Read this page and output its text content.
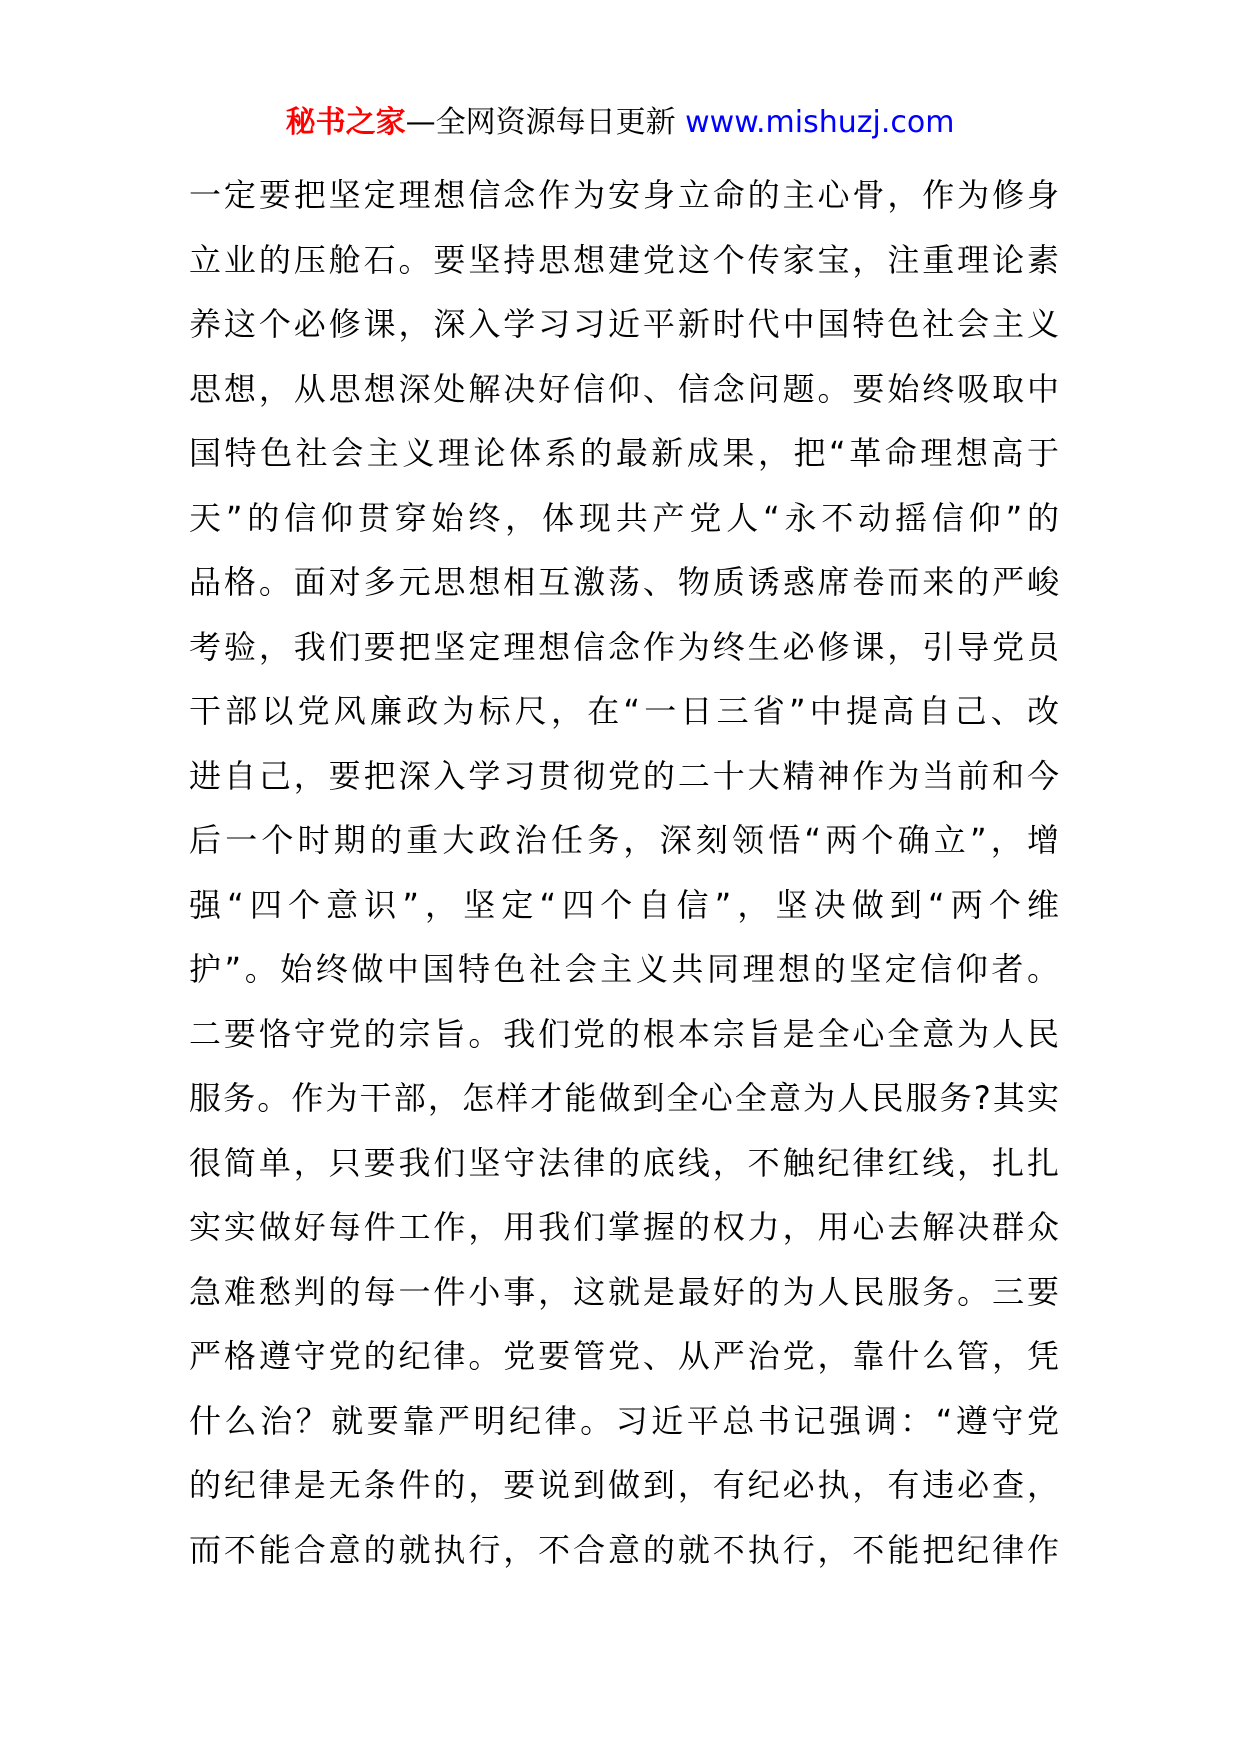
秘书之家—全网资源每日更新 www.mishuzj.com
一定要把坚定理想信念作为安身立命的主心骨，作为修身
立业的压舱石。要坚持思想建党这个传家宝，注重理论素
养这个必修课，深入学习习近平新时代中国特色社会主义
思想，从思想深处解决好信仰、信念问题。要始终吸取中
国特色社会主义理论体系的最新成果，把“革命理想高于
天”的信仰贯穿始终，体现共产党人“永不动摇信仰”的
品格。面对多元思想相互激荡、物质诱惑席卷而来的严峻
考验，我们要把坚定理想信念作为终生必修课，引导党员
干部以党风廉政为标尺，在“一日三省”中提高自己、改
进自己，要把深入学习贯彻党的二十大精神作为当前和今
后一个时期的重大政治任务，深刻领悟“两个确立”，增
强“四个意识”，坚定“四个自信”，坚决做到“两个维
护”。始终做中国特色社会主义共同理想的坚定信仰者。
二要恪守党的宗旨。我们党的根本宗旨是全心全意为人民
服务。作为干部，怎样才能做到全心全意为人民服务?其实
很简单，只要我们坚守法律的底线，不触纪律红线，扎扎
实实做好每件工作，用我们掌握的权力，用心去解决群众
急难愁判的每一件小事，这就是最好的为人民服务。三要
严格遵守党的纪律。党要管党、从严治党，靠什么管，凭
什么治？就要靠严明纪律。习近平总书记强调：“遵守党
的纪律是无条件的，要说到做到，有纪必执，有违必查，
而不能合意的就执行，不合意的就不执行，不能把纪律作
